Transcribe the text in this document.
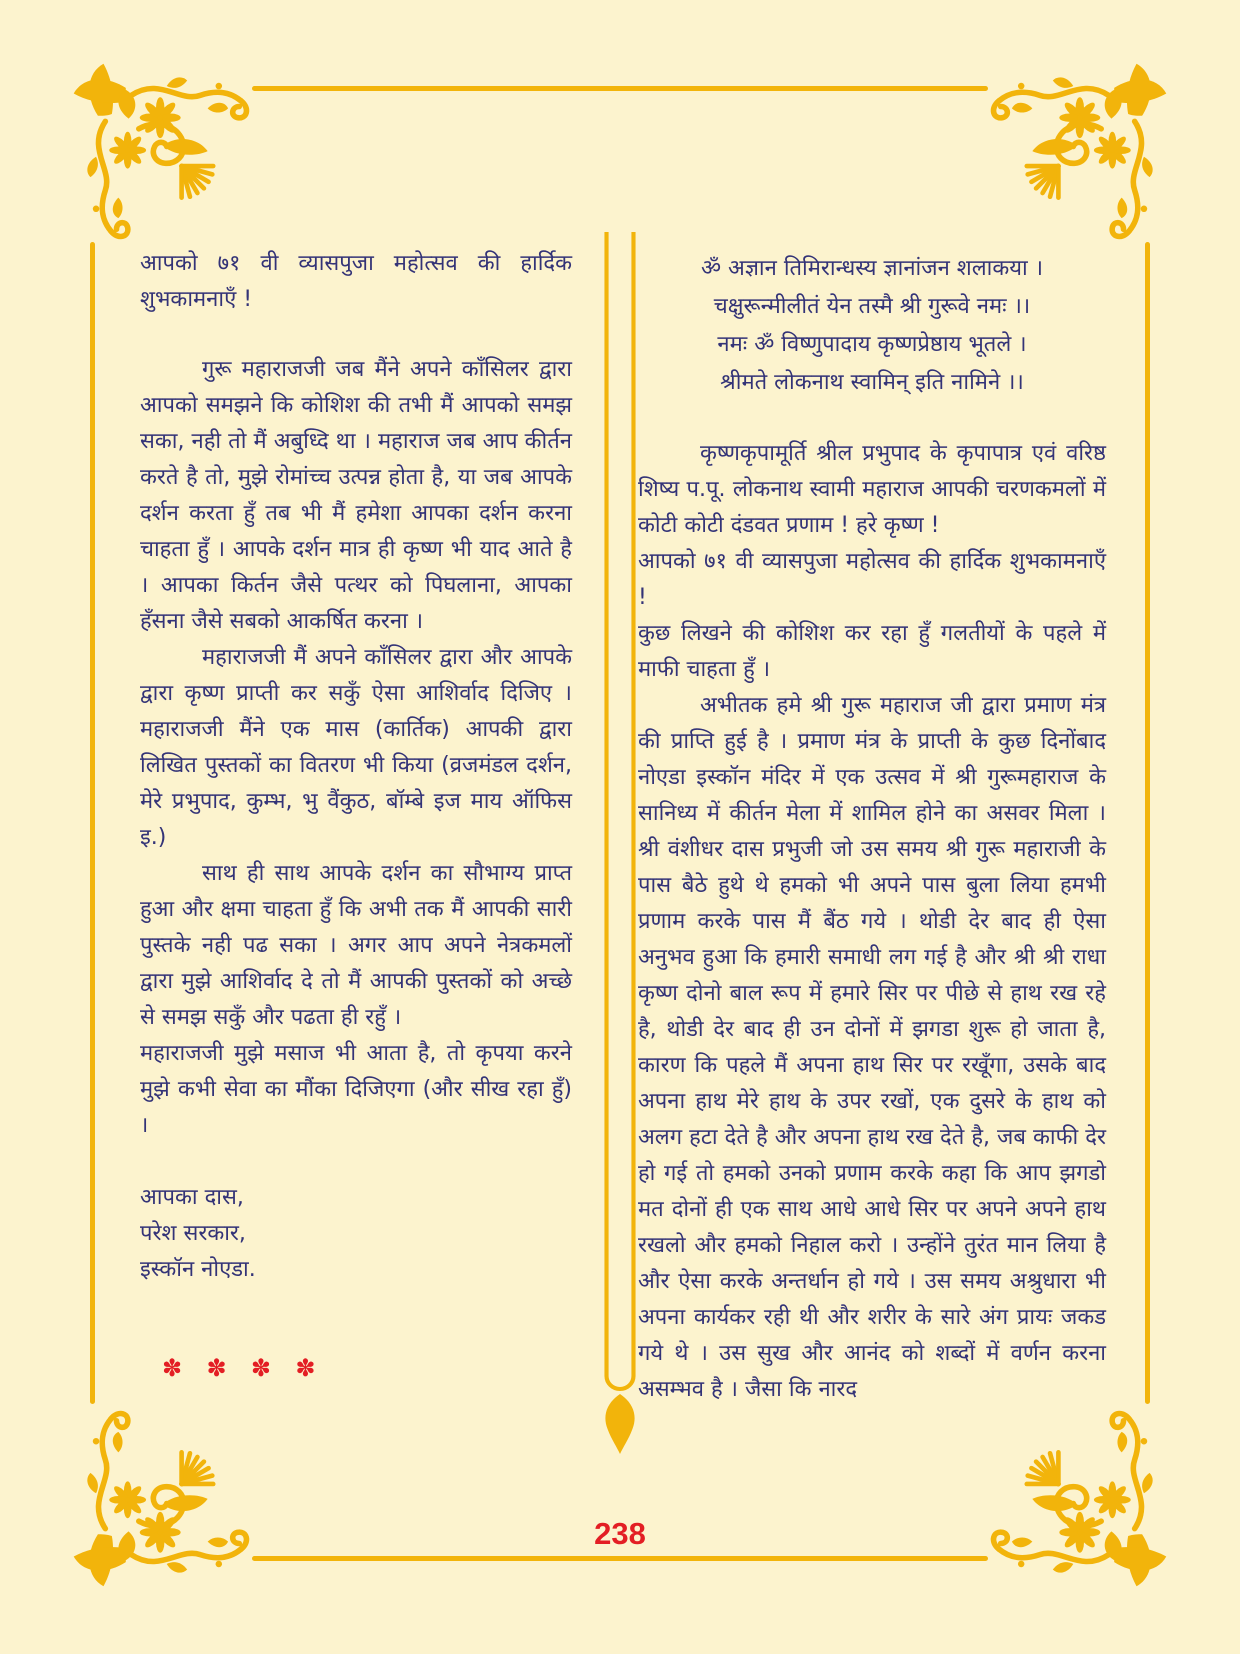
आपको ७१ वी व्यासपुजा महोत्सव की हार्दिक शुभकामनाएँ !

गुरू महाराजजी जब मैंने अपने काँसिलर द्वारा आपको समझने कि कोशिश की तभी मैं आपको समझ सका, नही तो मैं अबुध्दि था । महाराज जब आप कीर्तन करते है तो, मुझे रोमांच्च उत्पन्न होता है, या जब आपके दर्शन करता हुँ तब भी मैं हमेशा आपका दर्शन करना चाहता हुँ । आपके दर्शन मात्र ही कृष्ण भी याद आते है । आपका किर्तन जैसे पत्थर को पिघलाना, आपका हँसना जैसे सबको आकर्षित करना ।

महाराजजी मैं अपने काँसिलर द्वारा और आपके द्वारा कृष्ण प्राप्ती कर सकुँ ऐसा आशिर्वाद दिजिए । महाराजजी मैंने एक मास (कार्तिक) आपकी द्वारा लिखित पुस्तकों का वितरण भी किया (व्रजमंडल दर्शन, मेरे प्रभुपाद, कुम्भ, भु वैंकुठ, बॉम्बे इज माय ऑफिस इ.)

साथ ही साथ आपके दर्शन का सौभाग्य प्राप्त हुआ और क्षमा चाहता हुँ कि अभी तक मैं आपकी सारी पुस्तके नही पढ सका । अगर आप अपने नेत्रकमलों द्वारा मुझे आशिर्वाद दे तो मैं आपकी पुस्तकों को अच्छे से समझ सकुँ और पढता ही रहुँ ।

महाराजजी मुझे मसाज भी आता है, तो कृपया करने मुझे कभी सेवा का मौंका दिजिएगा (और सीख रहा हुँ) ।

आपका दास,

परेश सरकार,

इस्कॉन नोएडा.

✽ ✽ ✽ ✽

ॐ अज्ञान तिमिरान्धस्य ज्ञानांजन शलाकया ।

चक्षुरून्मीलीतं येन तस्मै श्री गुरूवे नमः ।।

नमः ॐ विष्णुपादाय कृष्णप्रेष्ठाय भूतले ।

श्रीमते लोकनाथ स्वामिन् इति नामिने ।।

कृष्णकृपामूर्ति श्रील प्रभुपाद के कृपापात्र एवं वरिष्ठ शिष्य प.पू. लोकनाथ स्वामी महाराज आपकी चरणकमलों में कोटी कोटी दंडवत प्रणाम ! हरे कृष्ण !

आपको ७१ वी व्यासपुजा महोत्सव की हार्दिक शुभकामनाएँ !

कुछ लिखने की कोशिश कर रहा हुँ गलतीयों के पहले में माफी चाहता हुँ ।

अभीतक हमे श्री गुरू महाराज जी द्वारा प्रमाण मंत्र की प्राप्ति हुई है । प्रमाण मंत्र के प्राप्ती के कुछ दिनोंबाद नोएडा इस्कॉन मंदिर में एक उत्सव में श्री गुरूमहाराज के सानिध्य में कीर्तन मेला में शामिल होने का असवर मिला । श्री वंशीधर दास प्रभुजी जो उस समय श्री गुरू महाराजी के पास बैठे हुथे थे हमको भी अपने पास बुला लिया हमभी प्रणाम करके पास मैं बैंठ गये । थोडी देर बाद ही ऐसा अनुभव हुआ कि हमारी समाधी लग गई है और श्री श्री राधा कृष्ण दोनो बाल रूप में हमारे सिर पर पीछे से हाथ रख रहे है, थोडी देर बाद ही उन दोनों में झगडा शुरू हो जाता है, कारण कि पहले मैं अपना हाथ सिर पर रखूँगा, उसके बाद अपना हाथ मेरे हाथ के उपर रखों, एक दुसरे के हाथ को अलग हटा देते है और अपना हाथ रख देते है, जब काफी देर हो गई तो हमको उनको प्रणाम करके कहा कि आप झगडो मत दोनों ही एक साथ आधे आधे सिर पर अपने अपने हाथ रखलो और हमको निहाल करो । उन्होंने तुरंत मान लिया है और ऐसा करके अन्तर्धान हो गये । उस समय अश्रुधारा भी अपना कार्यकर रही थी और शरीर के सारे अंग प्रायः जकड गये थे । उस सुख और आनंद को शब्दों में वर्णन करना असम्भव है । जैसा कि नारद

238
